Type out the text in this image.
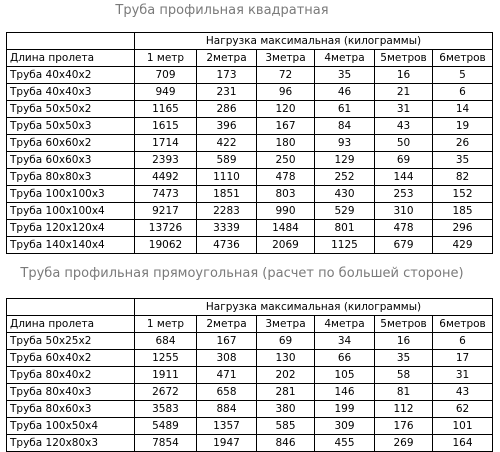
Труба профильная квадратная
	Нагрузка максимальная (килограммы)					
Длина пролета	1 метр	2метра	3метра	4метра	5метров	6метров
Труба 40х40х2	709	173	72	35	16	5
Труба 40х40х3	949	231	96	46	21	6
Труба 50х50х2	1165	286	120	61	31	14
Труба 50х50х3	1615	396	167	84	43	19
Труба 60х60х2	1714	422	180	93	50	26
Труба 60х60х3	2393	589	250	129	69	35
Труба 80х80х3	4492	1110	478	252	144	82
Труба 100х100х3	7473	1851	803	430	253	152
Труба 100х100х4	9217	2283	990	529	310	185
Труба 120х120х4	13726	3339	1484	801	478	296
Труба 140х140х4	19062	4736	2069	1125	679	429
Труба профильная прямоугольная (расчет по большей стороне)
	Нагрузка максимальная (килограммы)					
Длина пролета	1 метр	2метра	3метра	4метра	5метров	6метров
Труба 50х25х2	684	167	69	34	16	6
Труба 60х40х2	1255	308	130	66	35	17
Труба 80х40х2	1911	471	202	105	58	31
Труба 80х40х3	2672	658	281	146	81	43
Труба 80х60х3	3583	884	380	199	112	62
Труба 100х50х4	5489	1357	585	309	176	101
Труба 120х80х3	7854	1947	846	455	269	164
